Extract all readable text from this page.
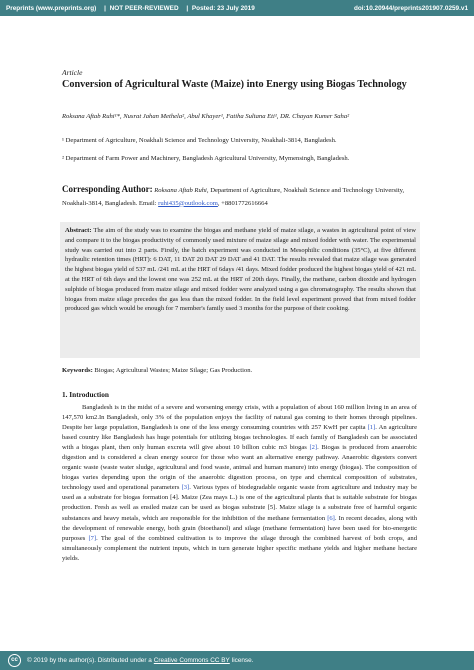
Preprints (www.preprints.org) | NOT PEER-REVIEWED | Posted: 23 July 2019	doi:10.20944/preprints201907.0259.v1
Article
Conversion of Agricultural Waste (Maize) into Energy using Biogas Technology
Roksana Aftab Ruhi¹*, Nusrat Jahan Methela², Abul Khayer¹, Fatiha Sultana Eti¹, DR. Chayan Kumer Saha²
¹ Department of Agriculture, Noakhali Science and Technology University, Noakhali-3814, Bangladesh.
² Department of Farm Power and Machinery, Bangladesh Agricultural University, Mymensingh, Bangladesh.
Corresponding Author: Roksana Aftab Ruhi, Department of Agriculture, Noakhali Science and Technology University, Noakhali-3814, Bangladesh. Email: ruhi435@outlook.com, +8801772616664
Abstract: The aim of the study was to examine the biogas and methane yield of maize silage, a wastes in agricultural point of view and compare it to the biogas productivity of commonly used mixture of maize silage and mixed fodder with water. The experimental study was carried out into 2 parts. Firstly, the batch experiment was conducted in Mesophilic conditions (35°C), at five different hydraulic retention times (HRT): 6 DAT, 11 DAT 20 DAT 29 DAT and 41 DAT. The results revealed that maize silage was generated the highest biogas yield of 537 mL /241 mL at the HRT of 6days /41 days. Mixed fodder produced the highest biogas yield of 421 mL at the HRT of 6th days and the lowest one was 252 mL at the HRT of 20th days. Finally, the methane, carbon dioxide and hydrogen sulphide of biogas produced from maize silage and mixed fodder were analyzed using a gas chromatography. The results shown that biogas from maize silage precedes the gas less than the mixed fodder. In the field level experiment proved that from mixed fodder produced gas which would be enough for 7 member's family used 3 months for the purpose of their cooking.
Keywords: Biogas; Agricultural Wastes; Maize Silage; Gas Production.
1. Introduction
Bangladesh is in the midst of a severe and worsening energy crisis, with a population of about 160 million living in an area of 147,570 km2.In Bangladesh, only 3% of the population enjoys the facility of natural gas coming to their homes through pipelines. Despite her large population, Bangladesh is one of the less energy consuming countries with 257 KwH per capita [1]. An agriculture based country like Bangladesh has huge potentials for utilizing biogas technologies. If each family of Bangladesh can be associated with a biogas plant, then only human excreta will give about 10 billion cubic m3 biogas [2]. Biogas is produced from anaerobic digestion and is considered a clean energy source for those who want an alternative energy pathway. Anaerobic digesters convert organic waste (waste water sludge, agricultural and food waste, animal and human manure) into energy (biogas). The composition of biogas varies depending upon the origin of the anaerobic digestion process, on type and chemical composition of substrates, technology used and operational parameters [3]. Various types of biodegradable organic waste from agriculture and industry may be used as a substrate for biogas formation [4]. Maize (Zea mays L.) is one of the agricultural plants that is suitable substrate for biogas production. Fresh as well as ensiled maize can be used as biogas substrate [5]. Maize silage is a substrate free of harmful organic substances and heavy metals, which are responsible for the inhibition of the methane fermentation [6]. In recent decades, along with the development of renewable energy, both grain (bioethanol) and silage (methane fermentation) have been used for bio-energetic purposes [7]. The goal of the combined cultivation is to improve the silage through the combined harvest of both crops, and simultaneously complement the nutrient inputs, which in turn generate higher specific methane yields and higher methane hectare yields.
cc	© 2019 by the author(s). Distributed under a Creative Commons CC BY license.
